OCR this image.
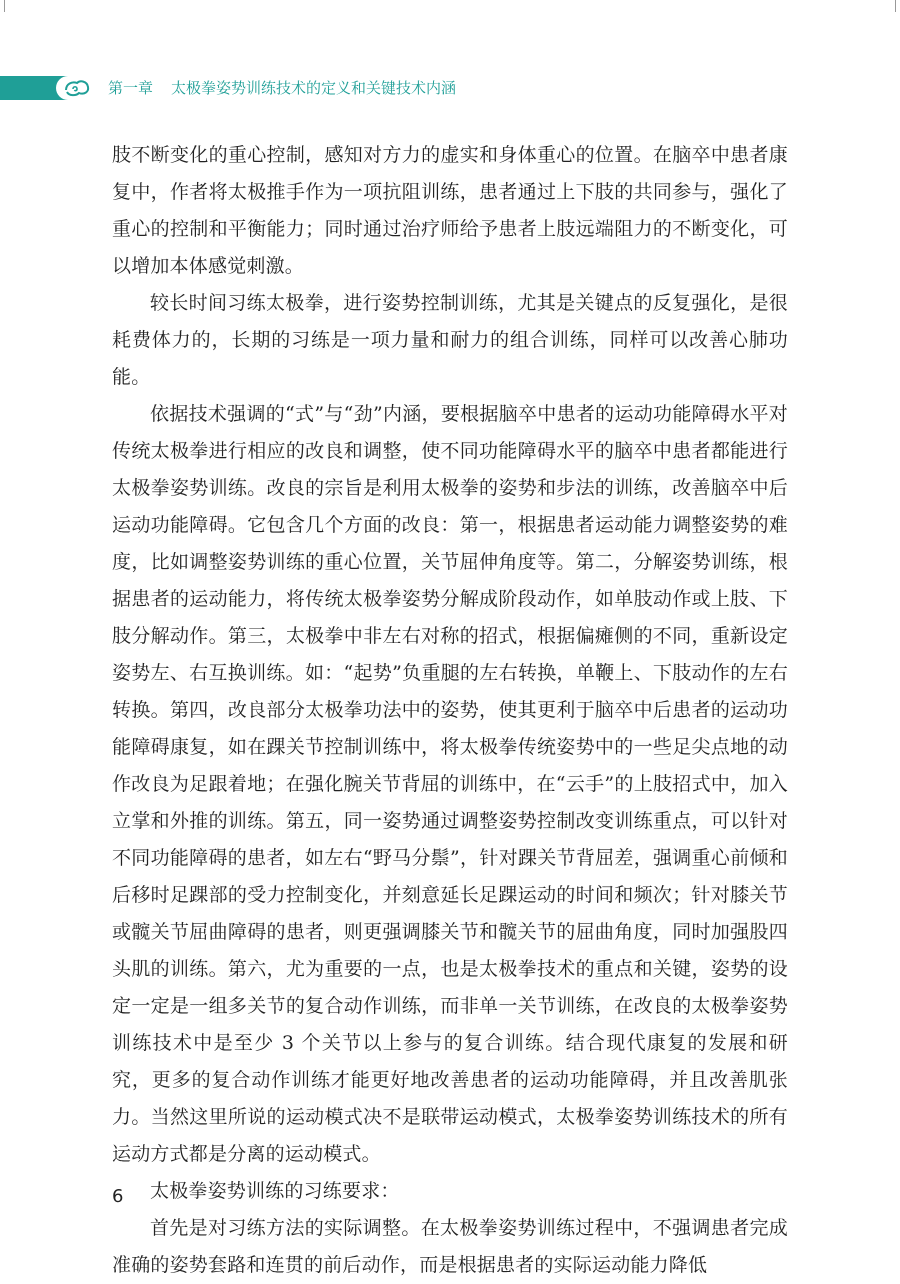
第一章 太极拳姿势训练技术的定义和关键技术内涵

肢不断变化的重心控制，感知对方力的虚实和身体重心的位置。在脑卒中患者康复中，作者将太极推手作为一项抗阻训练，患者通过上下肢的共同参与，强化了重心的控制和平衡能力；同时通过治疗师给予患者上肢远端阻力的不断变化，可以增加本体感觉刺激。

较长时间习练太极拳，进行姿势控制训练，尤其是关键点的反复强化，是很耗费体力的，长期的习练是一项力量和耐力的组合训练，同样可以改善心肺功能。

依据技术强调的“式”与“劲”内涵，要根据脑卒中患者的运动功能障碍水平对传统太极拳进行相应的改良和调整，使不同功能障碍水平的脑卒中患者都能进行太极拳姿势训练。改良的宗旨是利用太极拳的姿势和步法的训练，改善脑卒中后运动功能障碍。它包含几个方面的改良：第一，根据患者运动能力调整姿势的难度，比如调整姿势训练的重心位置，关节屈伸角度等。第二，分解姿势训练，根据患者的运动能力，将传统太极拳姿势分解成阶段动作，如单肢动作或上肢、下肢分解动作。第三，太极拳中非左右对称的招式，根据偏瘫侧的不同，重新设定姿势左、右互换训练。如：“起势”负重腿的左右转换，单鞭上、下肢动作的左右转换。第四，改良部分太极拳功法中的姿势，使其更利于脑卒中后患者的运动功能障碍康复，如在踝关节控制训练中，将太极拳传统姿势中的一些足尖点地的动作改良为足跟着地；在强化腕关节背屈的训练中，在“云手”的上肢招式中，加入立掌和外推的训练。第五，同一姿势通过调整姿势控制改变训练重点，可以针对不同功能障碍的患者，如左右“野马分鬃”，针对踝关节背屈差，强调重心前倾和后移时足踝部的受力控制变化，并刻意延长足踝运动的时间和频次；针对膝关节或髋关节屈曲障碍的患者，则更强调膝关节和髋关节的屈曲角度，同时加强股四头肌的训练。第六，尤为重要的一点，也是太极拳技术的重点和关键，姿势的设定一定是一组多关节的复合动作训练，而非单一关节训练，在改良的太极拳姿势训练技术中是至少 3 个关节以上参与的复合训练。结合现代康复的发展和研究，更多的复合动作训练才能更好地改善患者的运动功能障碍，并且改善肌张力。当然这里所说的运动模式决不是联带运动模式，太极拳姿势训练技术的所有运动方式都是分离的运动模式。

太极拳姿势训练的习练要求：

首先是对习练方法的实际调整。在太极拳姿势训练过程中，不强调患者完成准确的姿势套路和连贯的前后动作，而是根据患者的实际运动能力降低

6
